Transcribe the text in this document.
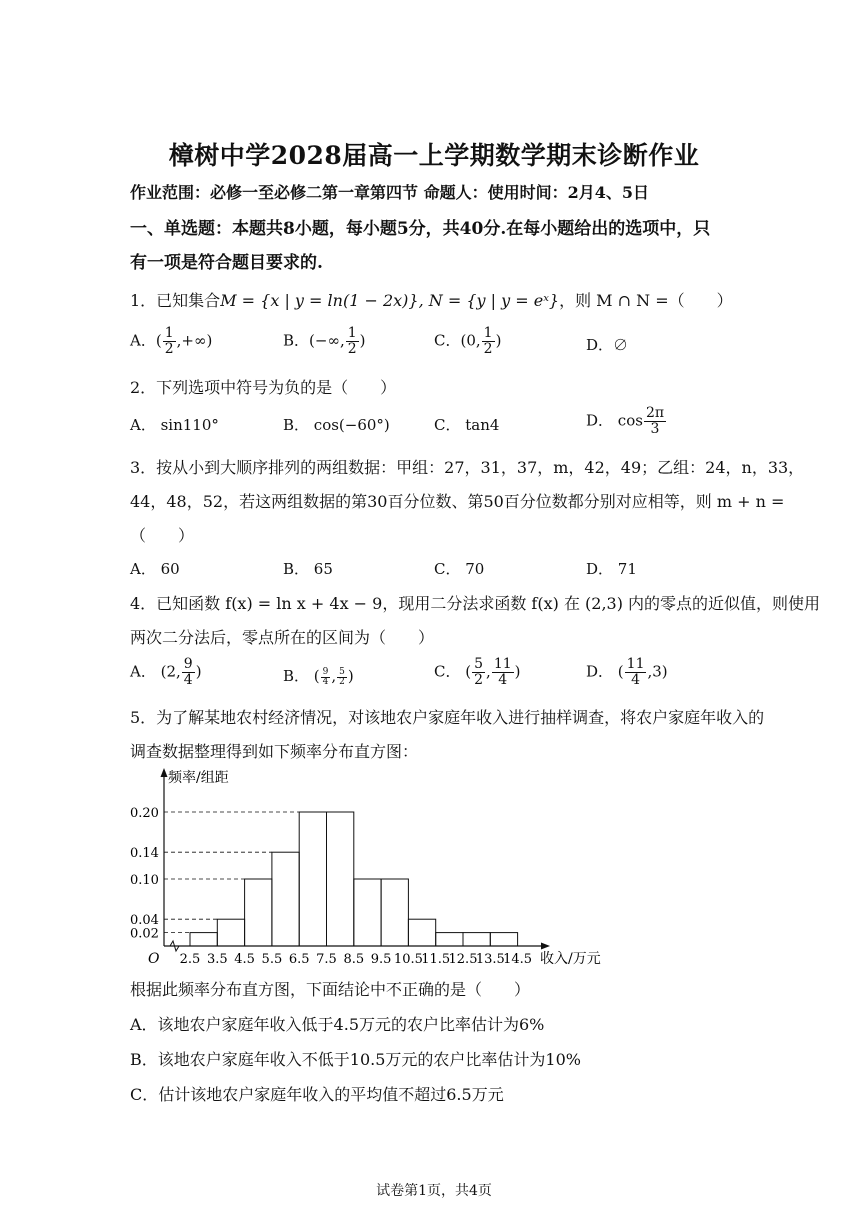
樟树中学2028届高一上学期数学期末诊断作业
作业范围：必修一至必修二第一章第四节 命题人：使用时间：2月4、5日
一、单选题：本题共8小题，每小题5分，共40分.在每小题给出的选项中，只
有一项是符合题目要求的.
1．已知集合M = {x | y = ln(1 − 2x)}, N = {y | y = eˣ}，则 M ∩ N =（　　）
A．( $\frac{1}{2}$ ,+∞)	B．(−∞, $\frac{1}{2}$ )	C．(0, $\frac{1}{2}$ )	D．∅
2．下列选项中符号为负的是（　　）
A． sin110°	B． cos(−60°)	C． tan4	D． $\cos \frac{2\pi}{3}$
3．按从小到大顺序排列的两组数据：甲组：27，31，37，m，42，49；乙组：24，n，33，
44，48，52，若这两组数据的第30百分位数、第50百分位数都分别对应相等，则 m + n =
（　　）
A． 60	B． 65	C． 70	D． 71
4．已知函数 f(x) = ln x + 4x − 9，现用二分法求函数 f(x) 在 (2,3) 内的零点的近似值，则使用
两次二分法后，零点所在的区间为（　　）
A． (2, $\frac{9}{4}$ )	B． ( $\frac{9}{4}$ , $\frac{5}{2}$ )	C． ( $\frac{5}{2}$ , $\frac{11}{4}$ )	D． ( $\frac{11}{4} ,3$)
5．为了解某地农村经济情况，对该地农户家庭年收入进行抽样调查，将农户家庭年收入的
调查数据整理得到如下频率分布直方图：
0.02
0.04
0.10
0.14
0.20
2.5 3.5 4.5 5.5 6.5 7.5 8.5 9.5 10.5
11.5
12.5
13.5
14.5
频率/组距
收入/万元
O
根据此频率分布直方图，下面结论中不正确的是（　　）
A．该地农户家庭年收入低于4.5万元的农户比率估计为6%
B．该地农户家庭年收入不低于10.5万元的农户比率估计为10%
C．估计该地农户家庭年收入的平均值不超过6.5万元
试卷第1页，共4页
